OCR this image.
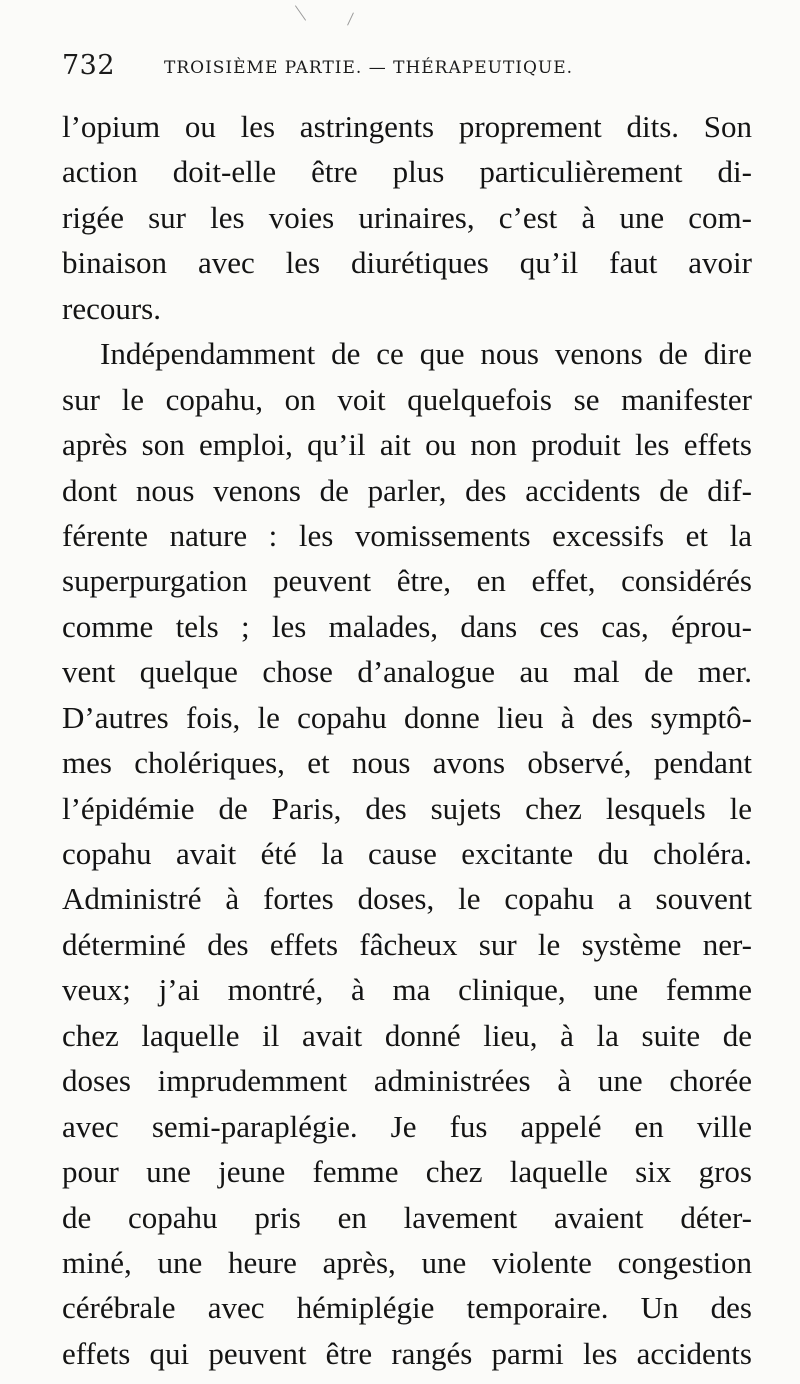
732	TROISIÈME PARTIE. — THÉRAPEUTIQUE.
l’opium ou les astringents proprement dits. Son
action doit-elle être plus particulièrement di-
rigée sur les voies urinaires, c’est à une com-
binaison avec les diurétiques qu’il faut avoir
recours.
Indépendamment de ce que nous venons de dire
sur le copahu, on voit quelquefois se manifester
après son emploi, qu’il ait ou non produit les effets
dont nous venons de parler, des accidents de dif-
férente nature : les vomissements excessifs et la
superpurgation peuvent être, en effet, considérés
comme tels ; les malades, dans ces cas, éprou-
vent quelque chose d’analogue au mal de mer.
D’autres fois, le copahu donne lieu à des symptô-
mes cholériques, et nous avons observé, pendant
l’épidémie de Paris, des sujets chez lesquels le
copahu avait été la cause excitante du choléra.
Administré à fortes doses, le copahu a souvent
déterminé des effets fâcheux sur le système ner-
veux; j’ai montré, à ma clinique, une femme
chez laquelle il avait donné lieu, à la suite de
doses imprudemment administrées à une chorée
avec semi-paraplégie. Je fus appelé en ville
pour une jeune femme chez laquelle six gros
de copahu pris en lavement avaient déter-
miné, une heure après, une violente congestion
cérébrale avec hémiplégie temporaire. Un des
effets qui peuvent être rangés parmi les accidents
